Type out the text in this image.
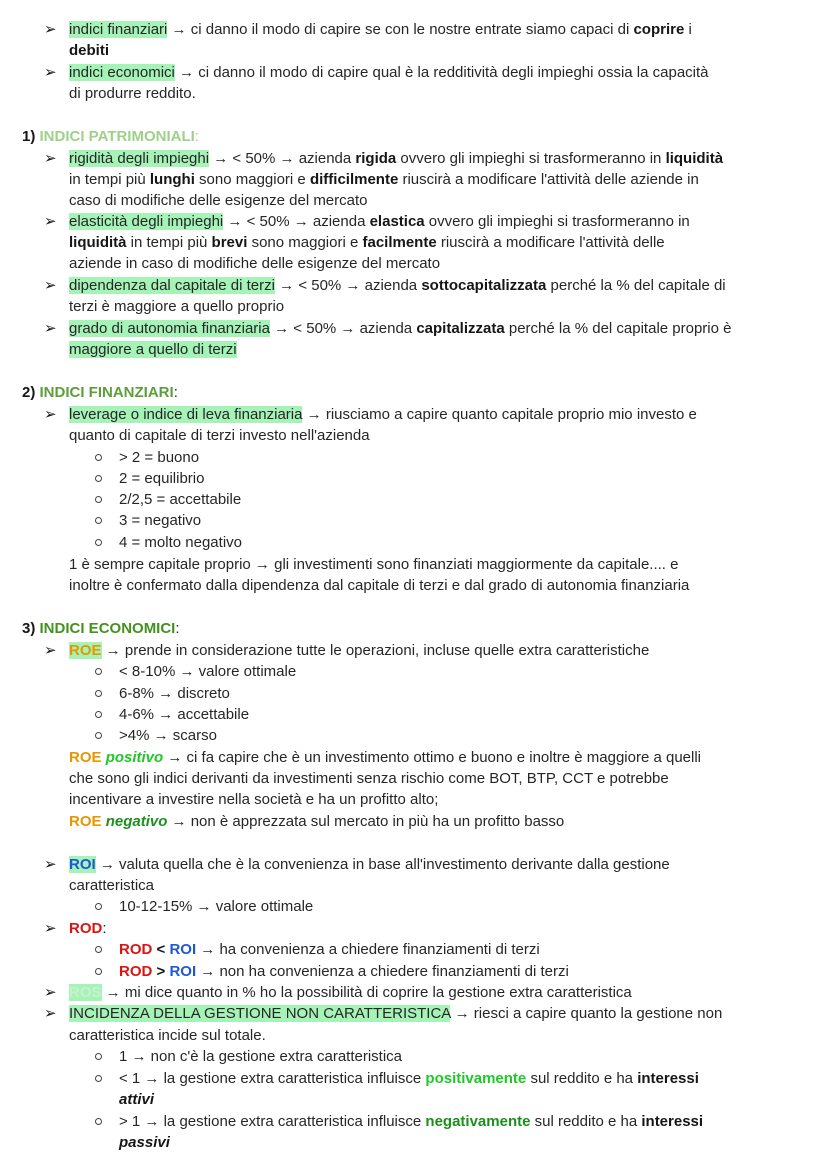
➢ indici finanziari → ci danno il modo di capire se con le nostre entrate siamo capaci di coprire i
debiti
➢ indici economici → ci danno il modo di capire qual è la redditività degli impieghi ossia la capacità
di produrre reddito.
1) INDICI PATRIMONIALI:
➢ rigidità degli impieghi → < 50% → azienda rigida ovvero gli impieghi si trasformeranno in liquidità
in tempi più lunghi sono maggiori e difficilmente riuscirà a modificare l'attività delle aziende in
caso di modifiche delle esigenze del mercato
➢ elasticità degli impieghi → < 50% → azienda elastica ovvero gli impieghi si trasformeranno in
liquidità in tempi più brevi sono maggiori e facilmente riuscirà a modificare l'attività delle
aziende in caso di modifiche delle esigenze del mercato
➢ dipendenza dal capitale di terzi → < 50% → azienda sottocapitalizzata perché la % del capitale di
terzi è maggiore a quello proprio
➢ grado di autonomia finanziaria → < 50% → azienda capitalizzata perché la % del capitale proprio è
maggiore a quello di terzi
2) INDICI FINANZIARI:
➢ leverage o indice di leva finanziaria → riusciamo a capire quanto capitale proprio mio investo e
quanto di capitale di terzi investo nell'azienda
> 2 = buono
2 = equilibrio
2/2,5 = accettabile
3 = negativo
4 = molto negativo
1 è sempre capitale proprio → gli investimenti sono finanziati maggiormente da capitale.... e
inoltre è confermato dalla dipendenza dal capitale di terzi e dal grado di autonomia finanziaria
3) INDICI ECONOMICI:
➢ ROE → prende in considerazione tutte le operazioni, incluse quelle extra caratteristiche
< 8-10% → valore ottimale
6-8% → discreto
4-6% → accettabile
>4% → scarso
ROE positivo → ci fa capire che è un investimento ottimo e buono e inoltre è maggiore a quelli
che sono gli indici derivanti da investimenti senza rischio come BOT, BTP, CCT e potrebbe
incentivare a investire nella società e ha un profitto alto;
ROE negativo → non è apprezzata sul mercato in più ha un profitto basso
➢ ROI → valuta quella che è la convenienza in base all'investimento derivante dalla gestione
caratteristica
10-12-15% → valore ottimale
➢ ROD:
ROD < ROI → ha convenienza a chiedere finanziamenti di terzi
ROD > ROI → non ha convenienza a chiedere finanziamenti di terzi
➢ ROS → mi dice quanto in % ho la possibilità di coprire la gestione extra caratteristica
➢ INCIDENZA DELLA GESTIONE NON CARATTERISTICA → riesci a capire quanto la gestione non
caratteristica incide sul totale.
1 → non c'è la gestione extra caratteristica
< 1 → la gestione extra caratteristica influisce positivamente sul reddito e ha interessi
attivi
> 1 → la gestione extra caratteristica influisce negativamente sul reddito e ha interessi
passivi
